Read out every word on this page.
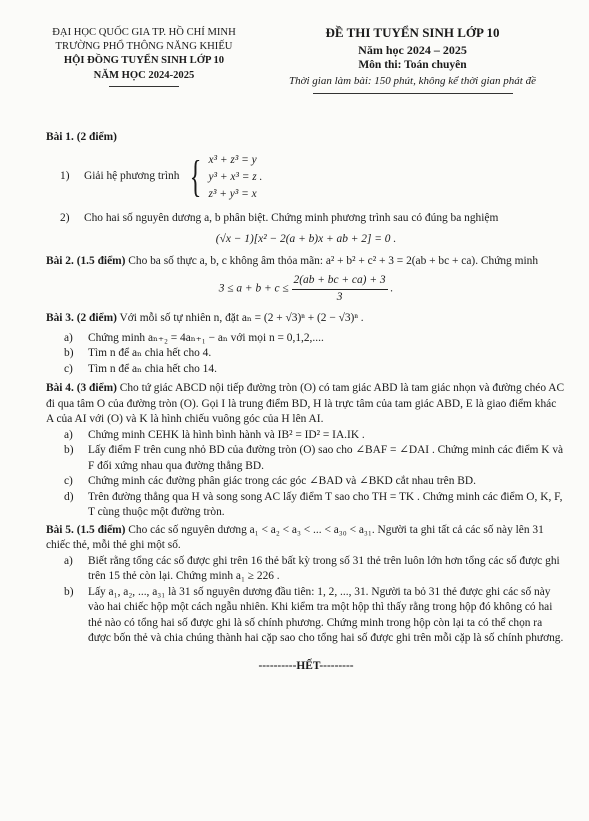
ĐẠI HỌC QUỐC GIA TP. HỒ CHÍ MINH
TRƯỜNG PHỔ THÔNG NĂNG KHIẾU
HỘI ĐỒNG TUYỂN SINH LỚP 10
NĂM HỌC 2024-2025
ĐỀ THI TUYỂN SINH LỚP 10
Năm học 2024 – 2025
Môn thi: Toán chuyên
Thời gian làm bài: 150 phút, không kể thời gian phát đề
Bài 1. (2 điểm)
1)	Giải hệ phương trình { x³ + z³ = y
y³ + x³ = z .
z³ + y³ = x
2)	Cho hai số nguyên dương a, b phân biệt. Chứng minh phương trình sau có đúng ba nghiệm
(√x − 1)[x² − 2(a + b)x + ab + 2] = 0 .
Bài 2. (1.5 điểm) Cho ba số thực a, b, c không âm thỏa mãn: a² + b² + c² + 3 = 2(ab + bc + ca). Chứng minh
$3 \le a + b + c \le \frac{2(ab + bc + ca) + 3}{3}$ .
Bài 3. (2 điểm) Với mỗi số tự nhiên n, đặt aₙ = (2 + √3)ⁿ + (2 − √3)ⁿ .
a)	Chứng minh aₙ₊₂ = 4aₙ₊₁ − aₙ với mọi n = 0,1,2,....
b)	Tìm n để aₙ chia hết cho 4.
c)	Tìm n để aₙ chia hết cho 14.
Bài 4. (3 điểm) Cho tứ giác ABCD nội tiếp đường tròn (O) có tam giác ABD là tam giác nhọn và đường chéo AC đi qua tâm O của đường tròn (O). Gọi I là trung điểm BD, H là trực tâm của tam giác ABD, E là giao điểm khác A của AI với (O) và K là hình chiếu vuông góc của H lên AI.
a)	Chứng minh CEHK là hình bình hành và IB² = ID² = IA.IK .
b)	Lấy điểm F trên cung nhỏ BD của đường tròn (O) sao cho ∠BAF = ∠DAI . Chứng minh các điểm K và F đối xứng nhau qua đường thẳng BD.
c)	Chứng minh các đường phân giác trong các góc ∠BAD và ∠BKD cắt nhau trên BD.
d)	Trên đường thẳng qua H và song song AC lấy điểm T sao cho TH = TK . Chứng minh các điểm O, K, F, T cùng thuộc một đường tròn.
Bài 5. (1.5 điểm) Cho các số nguyên dương a₁ < a₂ < a₃ < ... < a₃₀ < a₃₁. Người ta ghi tất cả các số này lên 31 chiếc thẻ, mỗi thẻ ghi một số.
a)	Biết rằng tổng các số được ghi trên 16 thẻ bất kỳ trong số 31 thẻ trên luôn lớn hơn tổng các số được ghi trên 15 thẻ còn lại. Chứng minh a₁ ≥ 226 .
b)	Lấy a₁, a₂, ..., a₃₁ là 31 số nguyên dương đầu tiên: 1, 2, ..., 31. Người ta bỏ 31 thẻ được ghi các số này vào hai chiếc hộp một cách ngẫu nhiên. Khi kiểm tra một hộp thì thấy rằng trong hộp đó không có hai thẻ nào có tổng hai số được ghi là số chính phương. Chứng minh trong hộp còn lại ta có thể chọn ra được bốn thẻ và chia chúng thành hai cặp sao cho tổng hai số được ghi trên mỗi cặp là số chính phương.
----------HẾT---------
